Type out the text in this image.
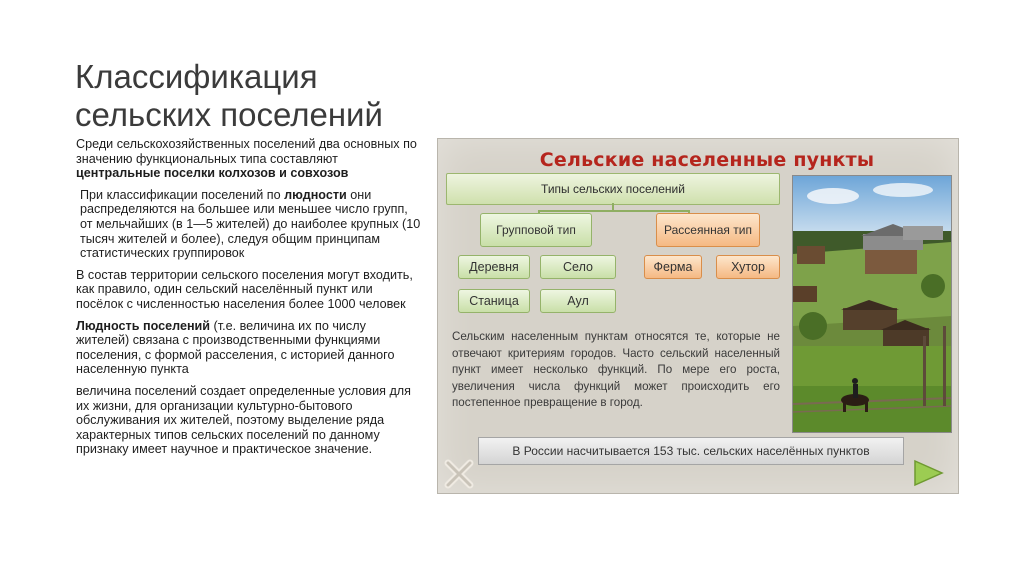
Классификация сельских поселений

Среди сельскохозяйственных поселений два основных по значению функциональных типа составляют центральные поселки колхозов и совхозов

При классификации поселений по людности они распределяются на большее или меньшее число групп, от мельчайших (в 1—5 жителей) до наиболее крупных (10 тысяч жителей и более), следуя общим принципам статистических группировок

В состав территории сельского поселения могут входить, как правило, один сельский населённый пункт или посёлок с численностью населения более 1000 человек

Людность поселений (т.е. величина их по числу жителей) связана с производственными функциями поселения, с формой расселения, с историей данного населенную пункта

величина поселений создает определенные условия для их жизни, для организации культурно-бытового обслуживания их жителей, поэтому выделение ряда характерных типов сельских поселений по данному признаку имеет научное и практическое значение.

Сельские населенные пункты
Типы сельских поселений
Групповой тип	Рассеянная тип
Деревня	Село
Станица	Аул
Ферма	Хутор
Сельским населенным пунктам относятся те, которые не отвечают критериям городов. Часто сельский населенный пункт имеет несколько функций. По мере его роста, увеличения числа функций может происходить его постепенное превращение в город.
В России насчитывается 153 тыс. сельских населённых пунктов
